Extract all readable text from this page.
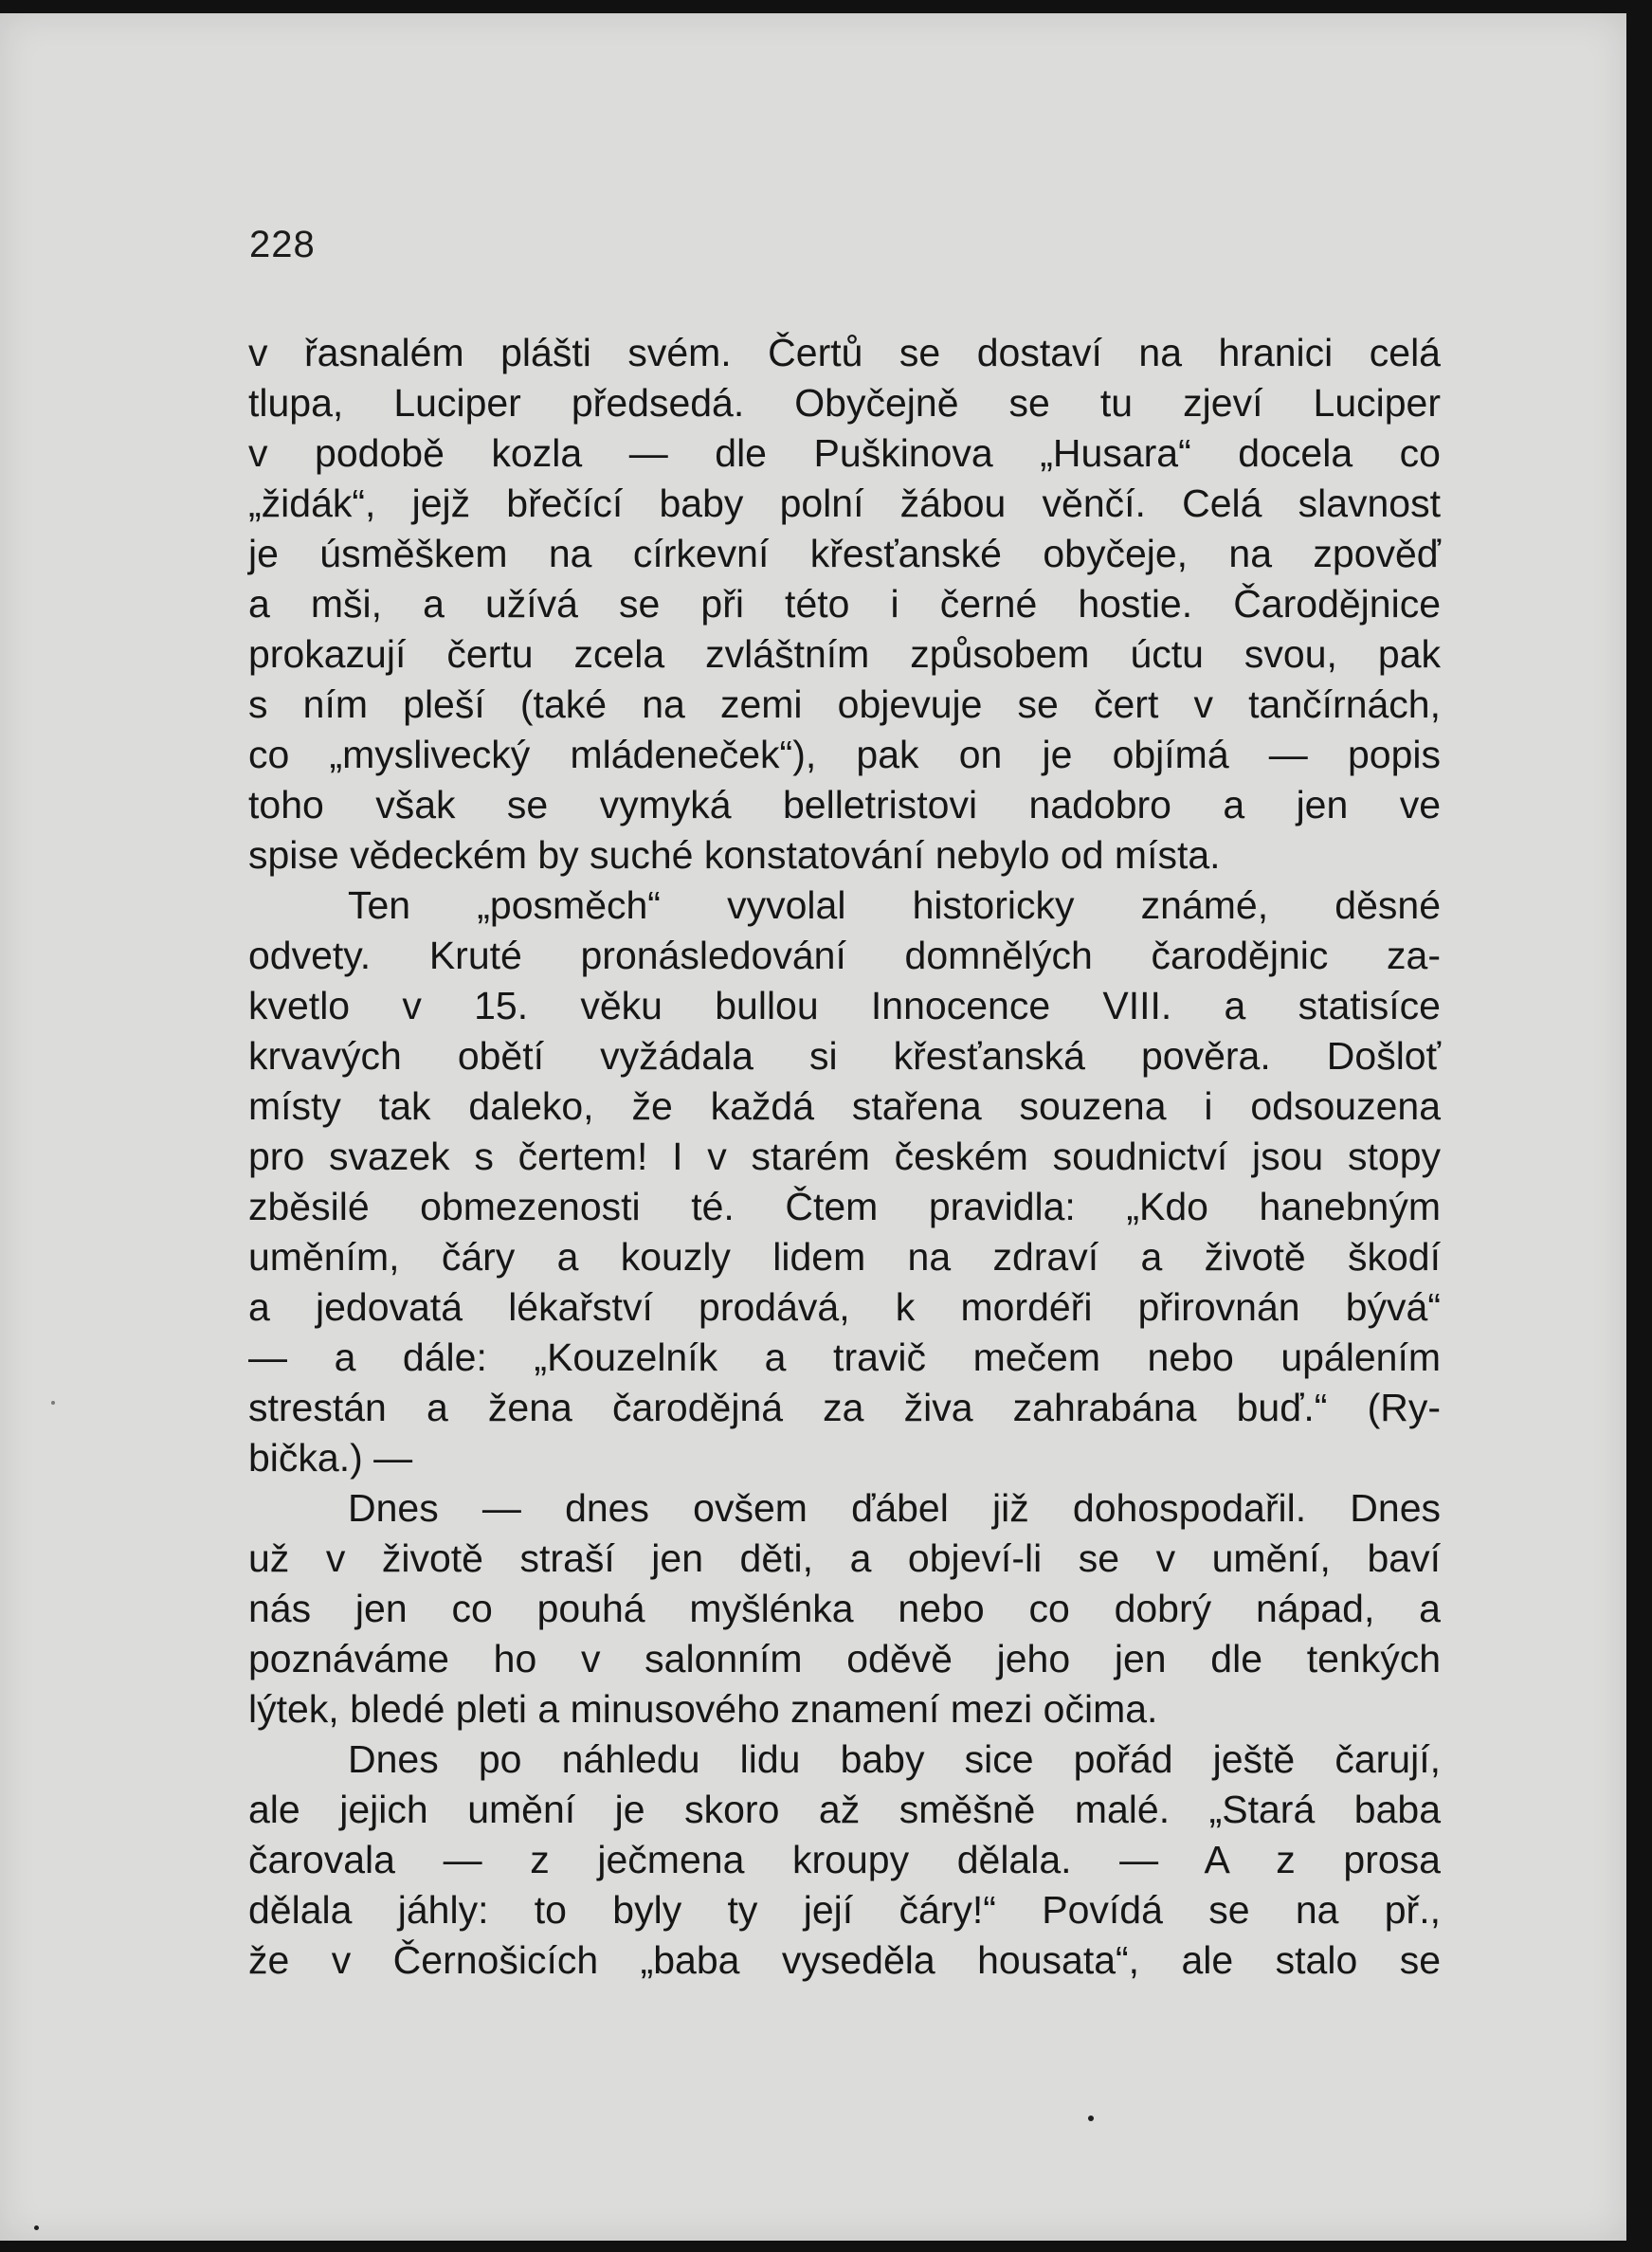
228
v řasnalém plášti svém. Čertů se dostaví na hranici celá
tlupa, Luciper předsedá. Obyčejně se tu zjeví Luciper
v podobě kozla — dle Puškinova „Husara“ docela co
„židák“, jejž břečící baby polní žábou věnčí. Celá slavnost
je úsměškem na církevní křesťanské obyčeje, na zpověď
a mši, a užívá se při této i černé hostie. Čarodějnice
prokazují čertu zcela zvláštním způsobem úctu svou, pak
s ním pleší (také na zemi objevuje se čert v tančírnách,
co „myslivecký mládeneček“), pak on je objímá — popis
toho však se vymyká belletristovi nadobro a jen ve
spise vědeckém by suché konstatování nebylo od místa.
Ten „posměch“ vyvolal historicky známé, děsné
odvety. Kruté pronásledování domnělých čarodějnic za-
kvetlo v 15. věku bullou Innocence VIII. a statisíce
krvavých obětí vyžádala si křesťanská pověra. Došloť
místy tak daleko, že každá stařena souzena i odsouzena
pro svazek s čertem! I v starém českém soudnictví jsou stopy
zběsilé obmezenosti té. Čtem pravidla: „Kdo hanebným
uměním, čáry a kouzly lidem na zdraví a životě škodí
a jedovatá lékařství prodává, k mordéři přirovnán bývá“
— a dále: „Kouzelník a travič mečem nebo upálením
strestán a žena čarodějná za živa zahrabána buď.“ (Ry-
bička.) —
Dnes — dnes ovšem ďábel již dohospodařil. Dnes
už v životě straší jen děti, a objeví-li se v umění, baví
nás jen co pouhá myšlénka nebo co dobrý nápad, a
poznáváme ho v salonním oděvě jeho jen dle tenkých
lýtek, bledé pleti a minusového znamení mezi očima.
Dnes po náhledu lidu baby sice pořád ještě čarují,
ale jejich umění je skoro až směšně malé. „Stará baba
čarovala — z ječmena kroupy dělala. — A z prosa
dělala jáhly: to byly ty její čáry!“ Povídá se na př.,
že v Černošicích „baba vyseděla housata“, ale stalo se
